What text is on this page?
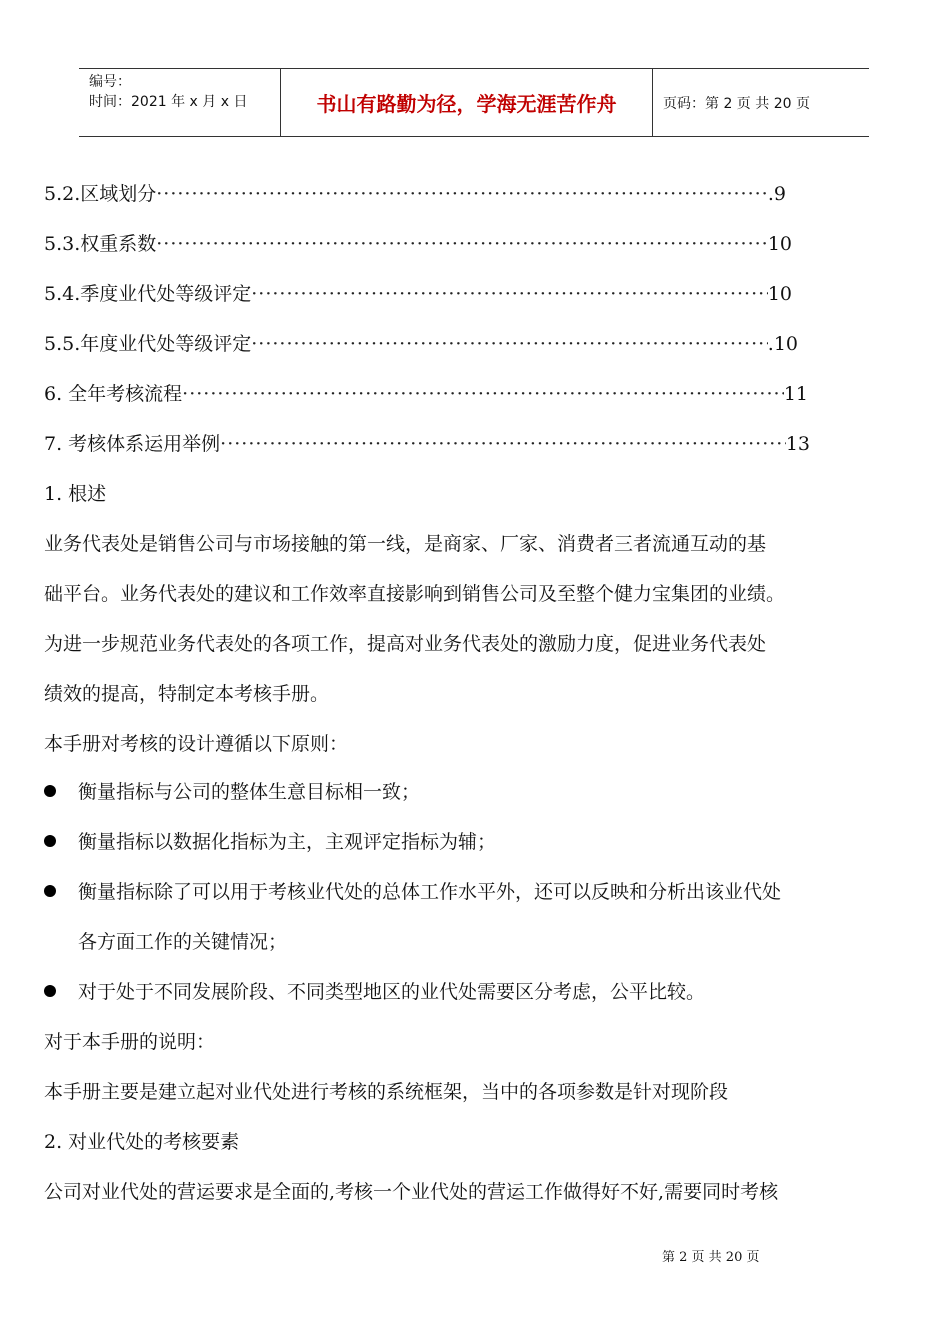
编号：
时间：2021 年 x 月 x 日	书山有路勤为径，学海无涯苦作舟	页码：第 2 页 共 20 页
5.2.区域划分 ·····	.9
5.3.权重系数 ·····	10
5.4.季度业代处等级评定 ·····	10
5.5.年度业代处等级评定 ·····	.10
6. 全年考核流程 ·····	11
7. 考核体系运用举例 ·····	13
1. 根述
业务代表处是销售公司与市场接触的第一线，是商家、厂家、消费者三者流通互动的基
础平台。业务代表处的建议和工作效率直接影响到销售公司及至整个健力宝集团的业绩。
为进一步规范业务代表处的各项工作，提高对业务代表处的激励力度，促进业务代表处
绩效的提高，特制定本考核手册。
本手册对考核的设计遵循以下原则：
衡量指标与公司的整体生意目标相一致；
衡量指标以数据化指标为主，主观评定指标为辅；
衡量指标除了可以用于考核业代处的总体工作水平外，还可以反映和分析出该业代处
各方面工作的关键情况；
对于处于不同发展阶段、不同类型地区的业代处需要区分考虑，公平比较。
对于本手册的说明：
本手册主要是建立起对业代处进行考核的系统框架，当中的各项参数是针对现阶段
2. 对业代处的考核要素
公司对业代处的营运要求是全面的,考核一个业代处的营运工作做得好不好,需要同时考核
第 2 页 共 20 页
